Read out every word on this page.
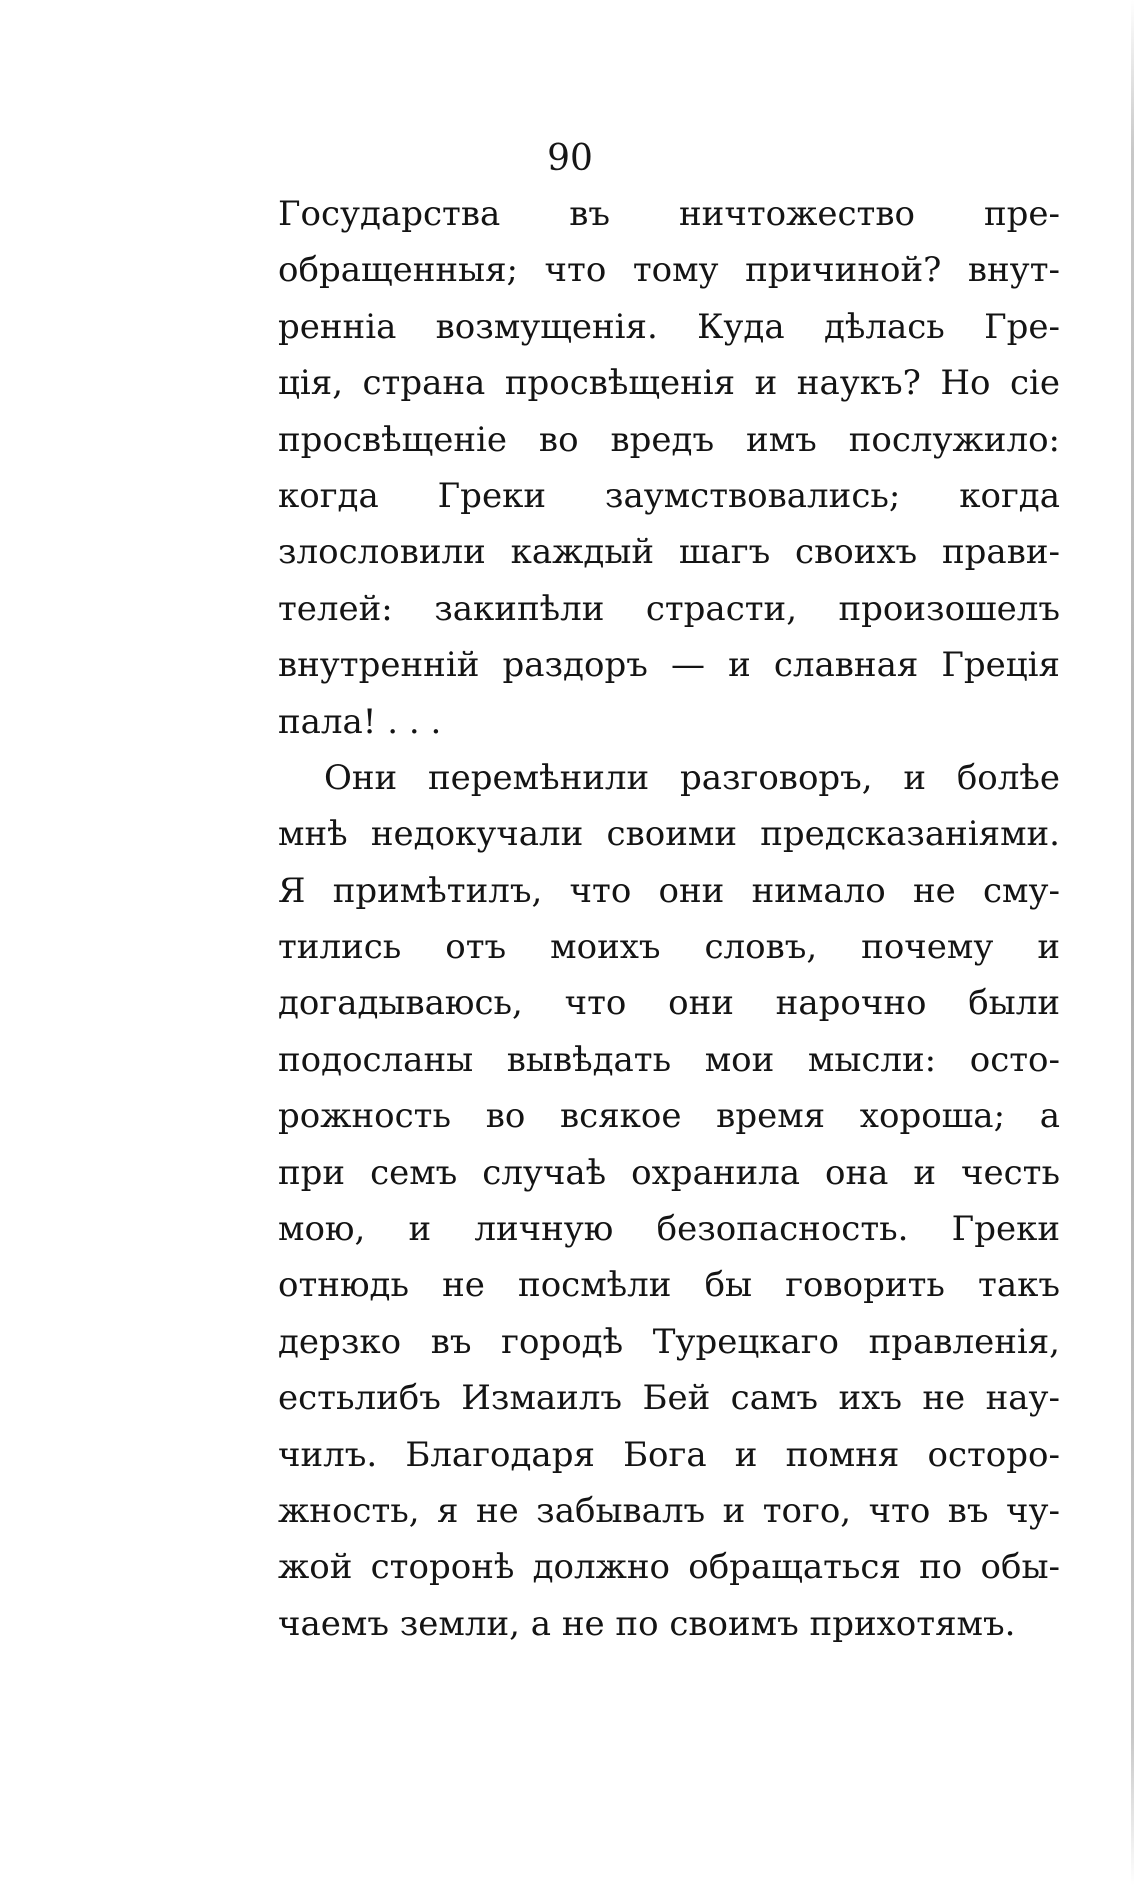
90
Государства въ ничтожество пре-
обращенныя; что тому причиной? внут-
ренніа возмущенія. Куда дѣлась Гре-
ція, страна просвѣщенія и наукъ? Но сіе
просвѣщеніе во вредъ имъ послужило:
когда Греки заумствовались; когда
злословили каждый шагъ своихъ прави-
телей: закипѣли страсти, произошелъ
внутренній раздоръ — и славная Греція
пала! . . .
Они перемѣнили разговоръ, и болѣе
мнѣ недокучали своими предсказаніями.
Я примѣтилъ, что они нимало не сму-
тились отъ моихъ словъ, почему и
догадываюсь, что они нарочно были
подосланы вывѣдать мои мысли: осто-
рожность во всякое время хороша; а
при семъ случаѣ охранила она и честь
мою, и личную безопасность. Греки
отнюдь не посмѣли бы говорить такъ
дерзко въ городѣ Турецкаго правленія,
естьлибъ Измаилъ Бей самъ ихъ не нау-
чилъ. Благодаря Бога и помня осторо-
жность, я не забывалъ и того, что въ чу-
жой сторонѣ должно обращаться по обы-
чаемъ земли, а не по своимъ прихотямъ.
